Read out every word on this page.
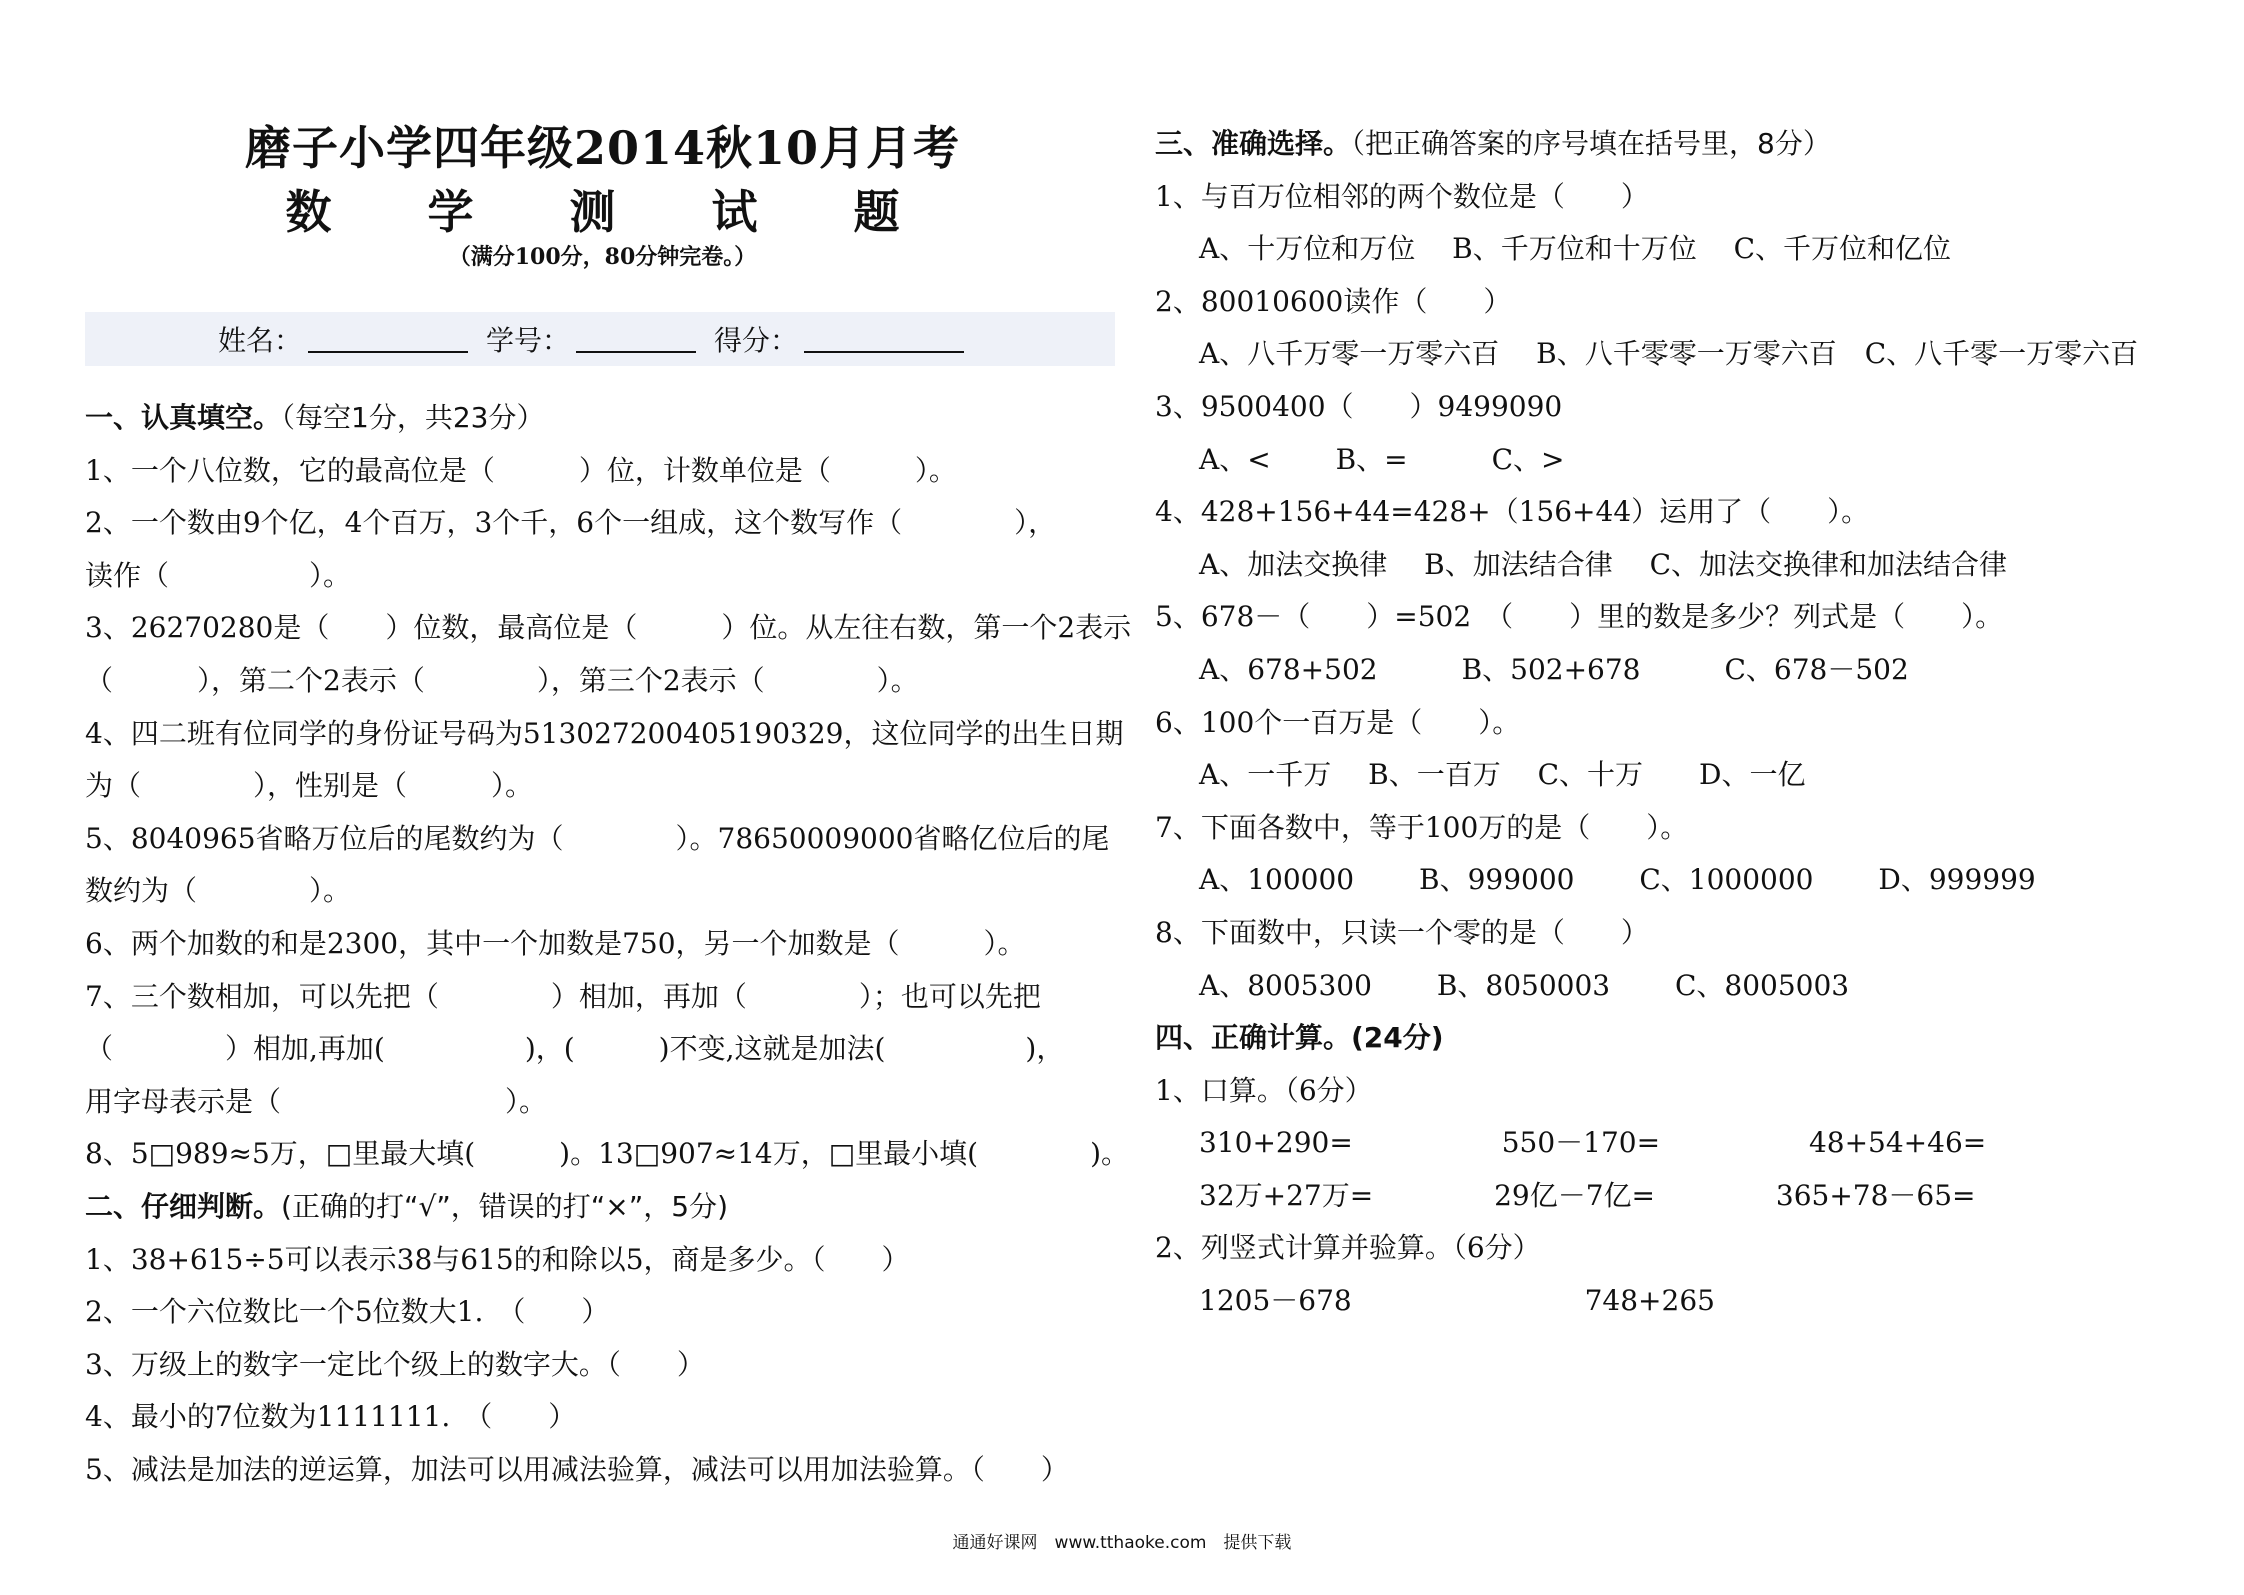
磨子小学四年级2014秋10月月考
数 学 测 试 题
（满分100分，80分钟完卷。）
姓名：	学号：	得分：
一、认真填空。（每空1分，共23分）
1、一个八位数，它的最高位是（　　　）位，计数单位是（　　　）。
2、一个数由9个亿，4个百万，3个千，6个一组成，这个数写作（　　　　），
读作（　　　　　）。
3、26270280是（　　）位数，最高位是（　　　）位。从左往右数，第一个2表示
（　　　），第二个2表示（　　　　），第三个2表示（　　　　）。
4、四二班有位同学的身份证号码为513027200405190329，这位同学的出生日期
为（　　　　），性别是（　　　）。
5、8040965省略万位后的尾数约为（　　　　）。78650009000省略亿位后的尾
数约为（　　　　）。
6、两个加数的和是2300，其中一个加数是750，另一个加数是（　　　）。
7、三个数相加，可以先把（　　　　）相加，再加（　　　　）；也可以先把
（　　　　）相加,再加(　　　　　)，(　　　)不变,这就是加法(　　　　　)，
用字母表示是（　　　　　　　　）。
8、5□989≈5万，□里最大填(　　　)。13□907≈14万，□里最小填(　　　　)。
二、仔细判断。(正确的打“√”，错误的打“×”，5分)
1、38+615÷5可以表示38与615的和除以5，商是多少。（　　）
2、一个六位数比一个5位数大1.　（　　）
3、万级上的数字一定比个级上的数字大。（　　）
4、最小的7位数为1111111.　（　　）
5、减法是加法的逆运算，加法可以用减法验算，减法可以用加法验算。（　　）
三、准确选择。（把正确答案的序号填在括号里，8分）
1、与百万位相邻的两个数位是（　　）
A、十万位和万位　 B、千万位和十万位　 C、千万位和亿位
2、80010600读作（　　）
A、八千万零一万零六百　 B、八千零零一万零六百　C、八千零一万零六百
3、9500400（　　）9499090
A、<　　 B、=　　　C、>
4、428+156+44=428+（156+44）运用了（　　）。
A、加法交换律　 B、加法结合律　 C、加法交换律和加法结合律
5、678－（　　）=502　（　　）里的数是多少？列式是（　　）。
A、678+502　　　B、502+678　　　C、678－502
6、100个一百万是（　　）。
A、一千万　 B、一百万　 C、十万　　D、一亿
7、下面各数中，等于100万的是（　　）。
A、100000　　 B、999000　　 C、1000000　　 D、999999
8、下面数中，只读一个零的是（　　）
A、8005300　　 B、8050003　　 C、8005003
四、正确计算。(24分)
1、口算。（6分）
310+290=　　　　　 550－170=　　　　　 48+54+46=
32万+27万=　　　　 29亿－7亿=　　　　 365+78－65=
2、列竖式计算并验算。（6分）
1205－678　　　　　　　　 748+265
通通好课网　www.tthaoke.com　提供下载
